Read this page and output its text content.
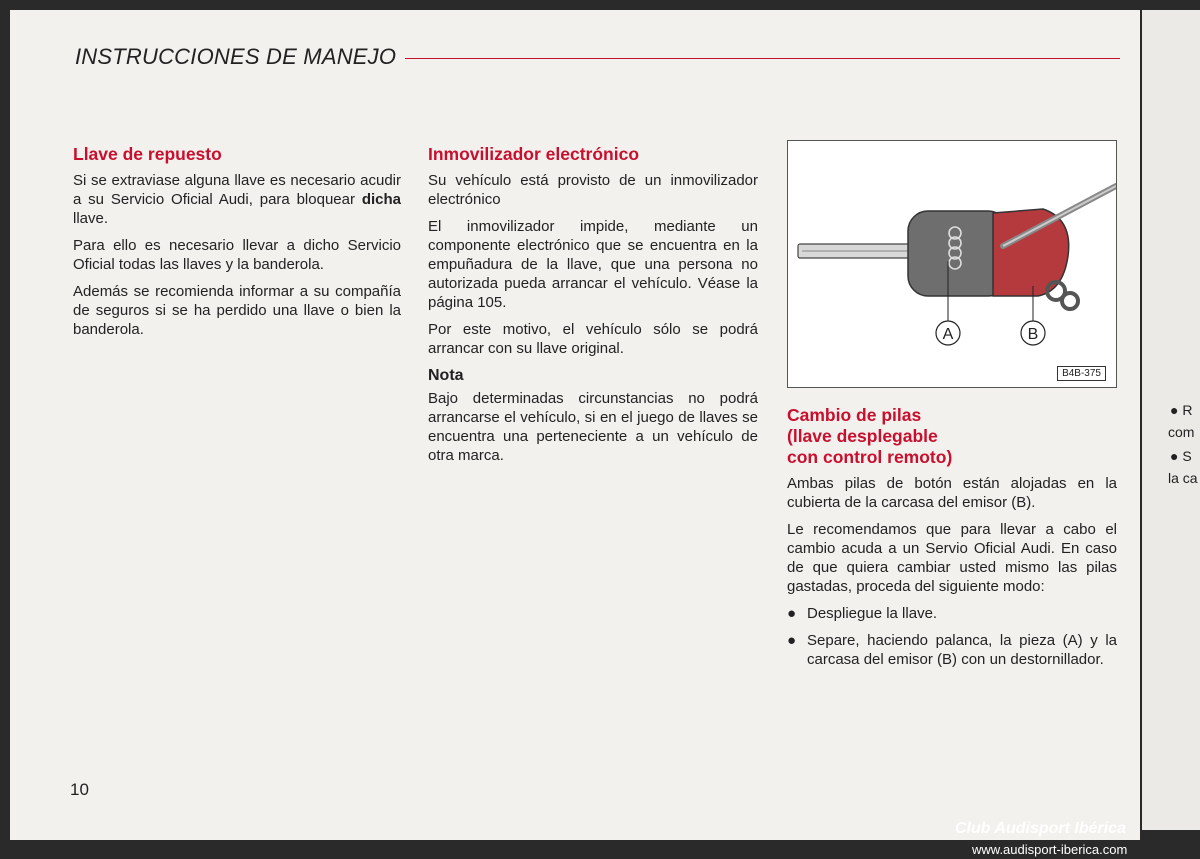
INSTRUCCIONES DE MANEJO
Llave de repuesto

Si se extraviase alguna llave es necesario acudir a su Servicio Oficial Audi, para bloquear dicha llave.

Para ello es necesario llevar a dicho Servicio Oficial todas las llaves y la banderola.

Además se recomienda informar a su compañía de seguros si se ha perdido una llave o bien la banderola.

Inmovilizador electrónico

Su vehículo está provisto de un inmovilizador electrónico

El inmovilizador impide, mediante un componente electrónico que se encuentra en la empuñadura de la llave, que una persona no autorizada pueda arrancar el vehículo. Véase la página 105.

Por este motivo, el vehículo sólo se podrá arrancar con su llave original.

Nota

Bajo determinadas circunstancias no podrá arrancarse el vehículo, si en el juego de llaves se encuentra una perteneciente a un vehículo de otra marca.

A	B
B4B-375
Cambio de pilas
(llave desplegable
con control remoto)

Ambas pilas de botón están alojadas en la cubierta de la carcasa del emisor (B).

Le recomendamos que para llevar a cabo el cambio acuda a un Servio Oficial Audi. En caso de que quiera cambiar usted mismo las pilas gastadas, proceda del siguiente modo:

● Despliegue la llave.
● Separe, haciendo palanca, la pieza (A) y la carcasa del emisor (B) con un destornillador.
10
● R
com
● S
la ca
Club Audisport Ibérica
www.audisport-iberica.com
